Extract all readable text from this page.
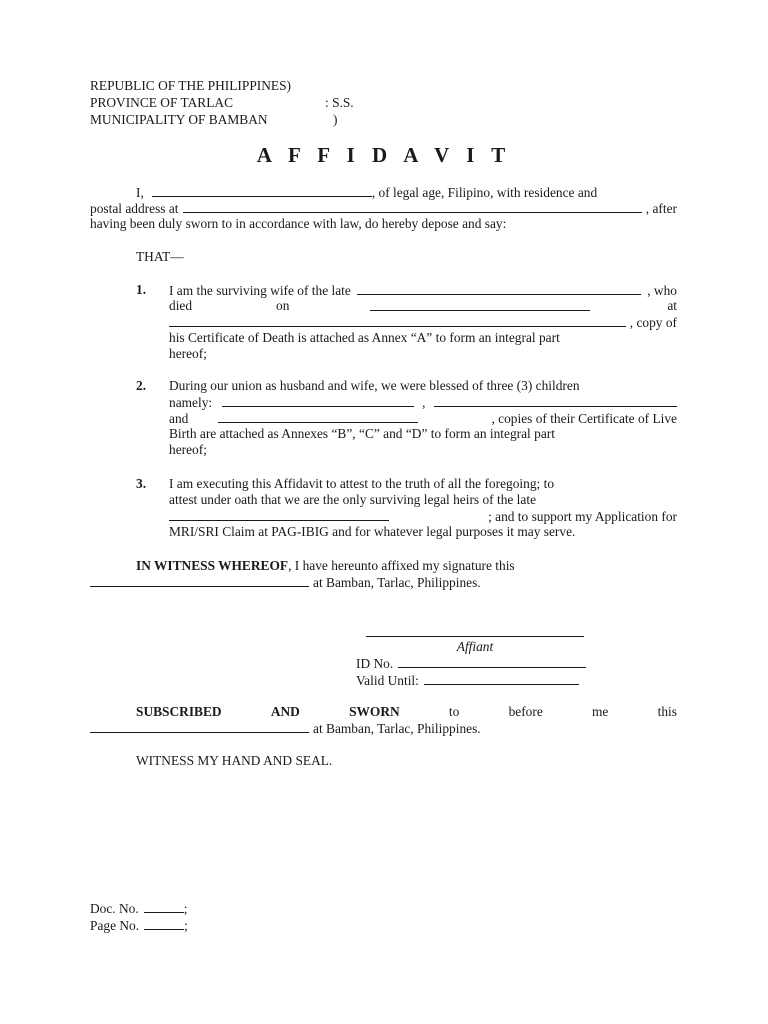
REPUBLIC OF THE PHILIPPINES)
PROVINCE OF TARLAC	: S.S.
MUNICIPALITY OF BAMBAN	)
A F F I D A V I T
I,	, of legal age, Filipino, with residence and
postal address at	, after
having been duly sworn to in accordance with law, do hereby depose and say:
THAT—
1. I am the surviving wife of the late	, who
died	on	at
, copy of
his Certificate of Death is attached as Annex “A” to form an integral part
hereof;
2. During our union as husband and wife, we were blessed of three (3) children
namely:	,
and	, copies of their Certificate of Live
Birth are attached as Annexes “B”, “C” and “D” to form an integral part
hereof;
3. I am executing this Affidavit to attest to the truth of all the foregoing; to
attest under oath that we are the only surviving legal heirs of the late
; and to support my Application for
MRI/SRI Claim at PAG-IBIG and for whatever legal purposes it may serve.
IN WITNESS WHEREOF , I have hereunto affixed my signature this
at Bamban, Tarlac, Philippines.
Affiant
ID No.
Valid Until:
SUBSCRIBED	AND	SWORN	to	before	me	this
at Bamban, Tarlac, Philippines.
WITNESS MY HAND AND SEAL.
Doc. No.	;
Page No.	;
